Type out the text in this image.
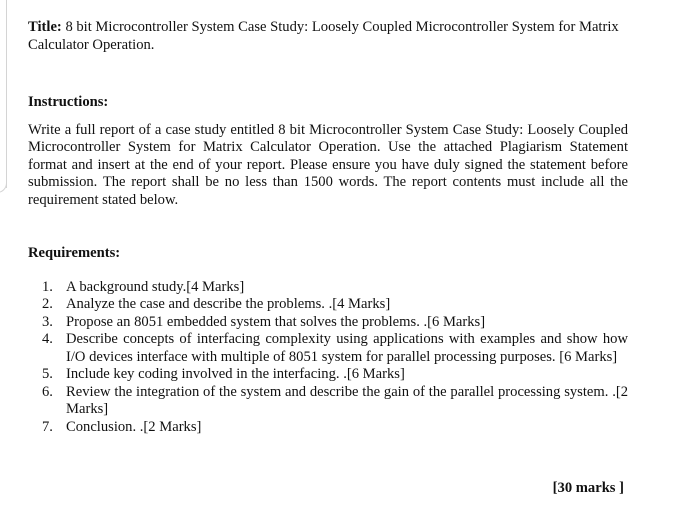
Title: 8 bit Microcontroller System Case Study: Loosely Coupled Microcontroller System for Matrix Calculator Operation.

Instructions:

Write a full report of a case study entitled 8 bit Microcontroller System Case Study: Loosely Coupled Microcontroller System for Matrix Calculator Operation. Use the attached Plagiarism Statement format and insert at the end of your report. Please ensure you have duly signed the statement before submission. The report shall be no less than 1500 words. The report contents must include all the requirement stated below.

Requirements:

1. A background study.[4 Marks]
2. Analyze the case and describe the problems. .[4 Marks]
3. Propose an 8051 embedded system that solves the problems. .[6 Marks]
4. Describe concepts of interfacing complexity using applications with examples and show how I/O devices interface with multiple of 8051 system for parallel processing purposes. [6 Marks]
5. Include key coding involved in the interfacing. .[6 Marks]
6. Review the integration of the system and describe the gain of the parallel processing system. .[2 Marks]
7. Conclusion. .[2 Marks]

[30 marks ]
